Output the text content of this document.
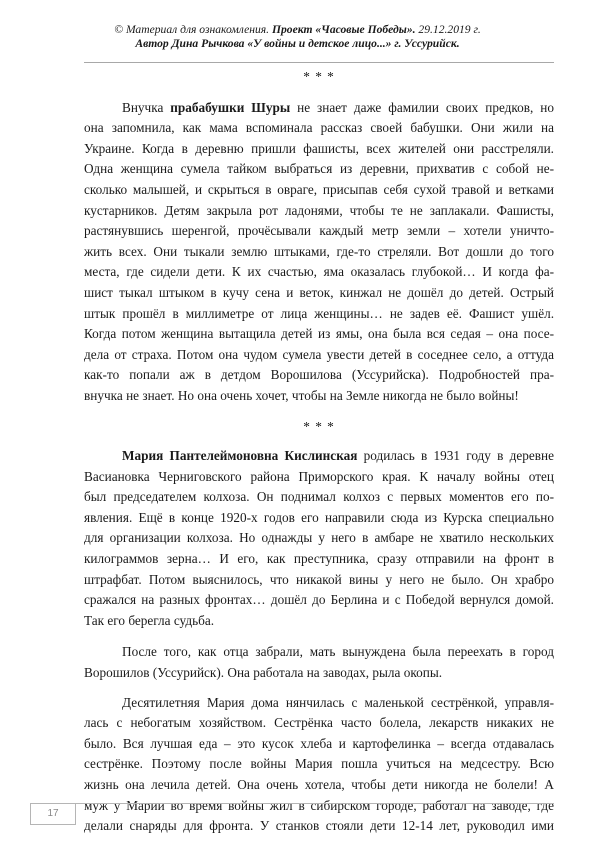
© Материал для ознакомления. Проект «Часовые Победы». 29.12.2019 г.
Автор Дина Рычкова «У войны и детское лицо...» г. Уссурийск.

* * *

Внучка прабабушки Шуры не знает даже фамилии своих предков, но
она запомнила, как мама вспоминала рассказ своей бабушки. Они жили на
Украине. Когда в деревню пришли фашисты, всех жителей они расстреляли.
Одна женщина сумела тайком выбраться из деревни, прихватив с собой не-
сколько малышей, и скрыться в овраге, присыпав себя сухой травой и ветками
кустарников. Детям закрыла рот ладонями, чтобы те не заплакали. Фашисты,
растянувшись шеренгой, прочёсывали каждый метр земли – хотели уничто-
жить всех. Они тыкали землю штыками, где-то стреляли. Вот дошли до того
места, где сидели дети. К их счастью, яма оказалась глубокой… И когда фа-
шист тыкал штыком в кучу сена и веток, кинжал не дошёл до детей. Острый
штык прошёл в миллиметре от лица женщины… не задев её. Фашист ушёл.
Когда потом женщина вытащила детей из ямы, она была вся седая – она посе-
дела от страха. Потом она чудом сумела увести детей в соседнее село, а оттуда
как-то попали аж в детдом Ворошилова (Уссурийска). Подробностей пра-
внучка не знает. Но она очень хочет, чтобы на Земле никогда не было войны!

* * *

Мария Пантелеймоновна Кислинская родилась в 1931 году в деревне
Васиановка Черниговского района Приморского края. К началу войны отец
был председателем колхоза. Он поднимал колхоз с первых моментов его по-
явления. Ещё в конце 1920-х годов его направили сюда из Курска специально
для организации колхоза. Но однажды у него в амбаре не хватило нескольких
килограммов зерна… И его, как преступника, сразу отправили на фронт в
штрафбат. Потом выяснилось, что никакой вины у него не было. Он храбро
сражался на разных фронтах… дошёл до Берлина и с Победой вернулся домой.
Так его берегла судьба.
После того, как отца забрали, мать вынуждена была переехать в город
Ворошилов (Уссурийск). Она работала на заводах, рыла окопы.
Десятилетняя Мария дома нянчилась с маленькой сестрёнкой, управля-
лась с небогатым хозяйством. Сестрёнка часто болела, лекарств никаких не
было. Вся лучшая еда – это кусок хлеба и картофелинка – всегда отдавалась
сестрёнке. Поэтому после войны Мария пошла учиться на медсестру. Всю
жизнь она лечила детей. Она очень хотела, чтобы дети никогда не болели! А
муж у Марии во время войны жил в сибирском городе, работал на заводе, где
делали снаряды для фронта. У станков стояли дети 12-14 лет, руководил ими
17
